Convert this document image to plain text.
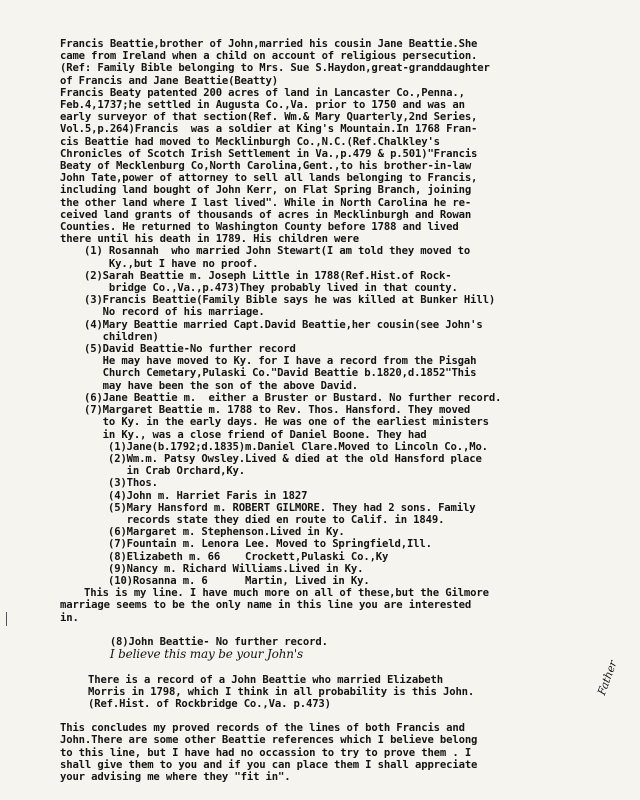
Francis Beattie,brother of John,married his cousin Jane Beattie.She
came from Ireland when a child on account of religious persecution.
(Ref: Family Bible belonging to Mrs. Sue S.Haydon,great-granddaughter
of Francis and Jane Beattie(Beatty)
Francis Beaty patented 200 acres of land in Lancaster Co.,Penna.,
Feb.4,1737;he settled in Augusta Co.,Va. prior to 1750 and was an
early surveyor of that section(Ref. Wm.& Mary Quarterly,2nd Series,
Vol.5,p.264)Francis  was a soldier at King's Mountain.In 1768 Fran-
cis Beattie had moved to Mecklinburgh Co.,N.C.(Ref.Chalkley's
Chronicles of Scotch Irish Settlement in Va.,p.479 & p.501)"Francis
Beaty of Mecklenburg Co,North Carolina,Gent.,to his brother-in-law
John Tate,power of attorney to sell all lands belonging to Francis,
including land bought of John Kerr, on Flat Spring Branch, joining
the other land where I last lived". While in North Carolina he re-
ceived land grants of thousands of acres in Mecklinburgh and Rowan
Counties. He returned to Washington County before 1788 and lived
there until his death in 1789. His children were
(1) Rosannah  who married John Stewart(I am told they moved to
Ky.,but I have no proof.
(2)Sarah Beattie m. Joseph Little in 1788(Ref.Hist.of Rock-
bridge Co.,Va.,p.473)They probably lived in that county.
(3)Francis Beattie(Family Bible says he was killed at Bunker Hill)
No record of his marriage.
(4)Mary Beattie married Capt.David Beattie,her cousin(see John's
children)
(5)David Beattie-No further record
He may have moved to Ky. for I have a record from the Pisgah
Church Cemetary,Pulaski Co."David Beattie b.1820,d.1852"This
may have been the son of the above David.
(6)Jane Beattie m.  either a Bruster or Bustard. No further record.
(7)Margaret Beattie m. 1788 to Rev. Thos. Hansford. They moved
to Ky. in the early days. He was one of the earliest ministers
in Ky., was a close friend of Daniel Boone. They had
(1)Jane(b.1792;d.1835)m.Daniel Clare.Moved to Lincoln Co.,Mo.
(2)Wm.m. Patsy Owsley.Lived & died at the old Hansford place
in Crab Orchard,Ky.
(3)Thos.
(4)John m. Harriet Faris in 1827
(5)Mary Hansford m. ROBERT GILMORE. They had 2 sons. Family
records state they died en route to Calif. in 1849.
(6)Margaret m. Stephenson.Lived in Ky.
(7)Fountain m. Lenora Lee. Moved to Springfield,Ill.
(8)Elizabeth m. 66    Crockett,Pulaski Co.,Ky
(9)Nancy m. Richard Williams.Lived in Ky.
(10)Rosanna m. 6      Martin, Lived in Ky.
This is my line. I have much more on all of these,but the Gilmore
marriage seems to be the only name in this line you are interested
in.

(8)John Beattie- No further record.
I believe this may be your John's

There is a record of a John Beattie who married Elizabeth
Morris in 1798, which I think in all probability is this John.
(Ref.Hist. of Rockbridge Co.,Va. p.473)
Father
This concludes my proved records of the lines of both Francis and
John.There are some other Beattie references which I believe belong
to this line, but I have had no occassion to try to prove them . I
shall give them to you and if you can place them I shall appreciate
your advising me where they "fit in".
